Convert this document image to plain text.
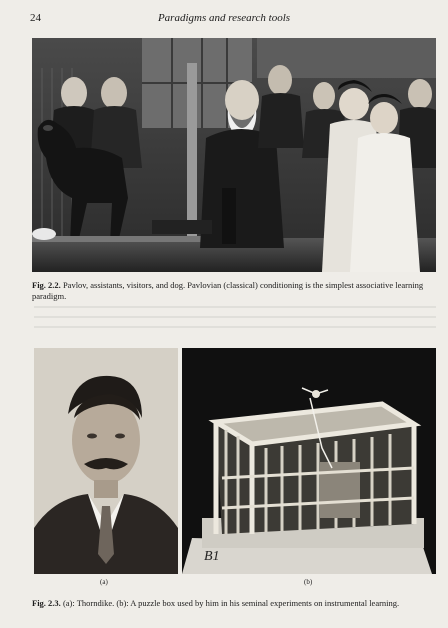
24	Paradigms and research tools
Fig. 2.2. Pavlov, assistants, visitors, and dog. Pavlovian (classical) conditioning is the simplest associative learning paradigm.
B1
(a)	(b)
Fig. 2.3. (a): Thorndike. (b): A puzzle box used by him in his seminal experiments on instrumental learning.
